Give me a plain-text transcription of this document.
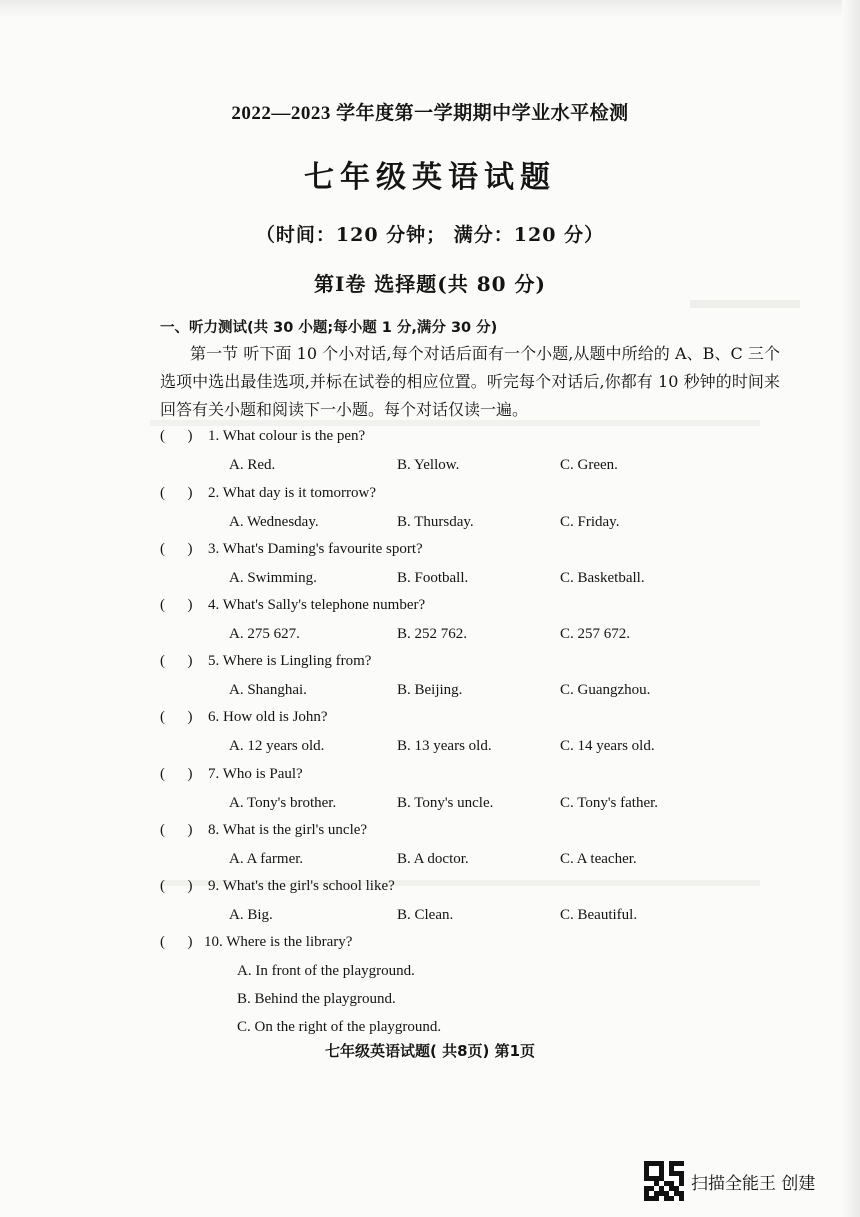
2022—2023 学年度第一学期期中学业水平检测
七年级英语试题
（时间：120 分钟； 满分：120 分）
第Ⅰ卷 选择题(共 80 分)
一、听力测试(共 30 小题;每小题 1 分,满分 30 分)
第一节 听下面 10 个小对话,每个对话后面有一个小题,从题中所给的 A、B、C 三个选项中选出最佳选项,并标在试卷的相应位置。听完每个对话后,你都有 10 秒钟的时间来回答有关小题和阅读下一小题。每个对话仅读一遍。
(      ) 1. What colour is the pen?
A. Red.	B. Yellow.	C. Green.
(      ) 2. What day is it tomorrow?
A. Wednesday.	B. Thursday.	C. Friday.
(      ) 3. What's Daming's favourite sport?
A. Swimming.	B. Football.	C. Basketball.
(      ) 4. What's Sally's telephone number?
A. 275 627.	B. 252 762.	C. 257 672.
(      ) 5. Where is Lingling from?
A. Shanghai.	B. Beijing.	C. Guangzhou.
(      ) 6. How old is John?
A. 12 years old.	B. 13 years old.	C. 14 years old.
(      ) 7. Who is Paul?
A. Tony's brother.	B. Tony's uncle.	C. Tony's father.
(      ) 8. What is the girl's uncle?
A. A farmer.	B. A doctor.	C. A teacher.
(      ) 9. What's the girl's school like?
A. Big.	B. Clean.	C. Beautiful.
(      ) 10. Where is the library?
A. In front of the playground.
B. Behind the playground.
C. On the right of the playground.
七年级英语试题( 共8页) 第1页
扫描全能王 创建
